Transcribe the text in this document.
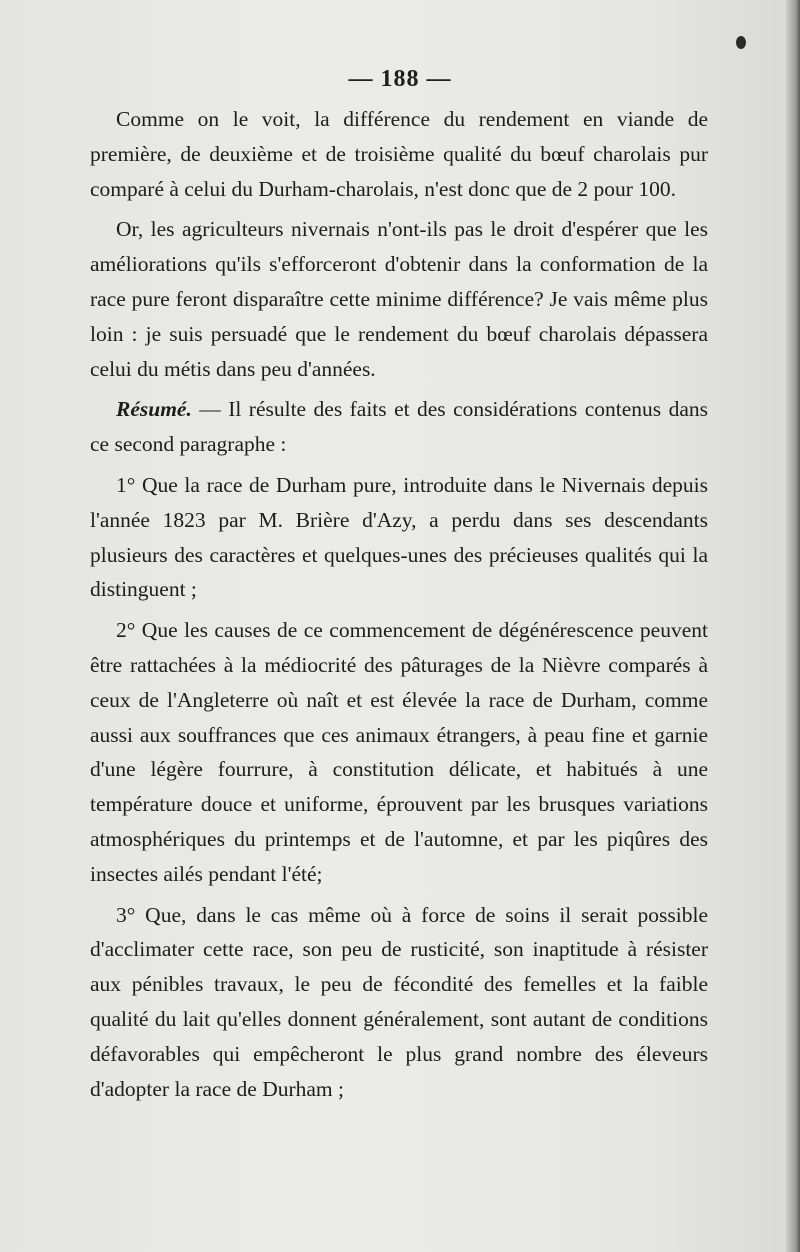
— 188 —

Comme on le voit, la différence du rendement en viande de première, de deuxième et de troisième qualité du bœuf charolais pur comparé à celui du Durham-charolais, n'est donc que de 2 pour 100.

Or, les agriculteurs nivernais n'ont-ils pas le droit d'espérer que les améliorations qu'ils s'efforceront d'obtenir dans la conformation de la race pure feront disparaître cette minime différence? Je vais même plus loin : je suis persuadé que le rendement du bœuf charolais dépassera celui du métis dans peu d'années.

Résumé. — Il résulte des faits et des considérations contenus dans ce second paragraphe :

1° Que la race de Durham pure, introduite dans le Nivernais depuis l'année 1823 par M. Brière d'Azy, a perdu dans ses descendants plusieurs des caractères et quelques-unes des précieuses qualités qui la distinguent ;

2° Que les causes de ce commencement de dégénérescence peuvent être rattachées à la médiocrité des pâturages de la Nièvre comparés à ceux de l'Angleterre où naît et est élevée la race de Durham, comme aussi aux souffrances que ces animaux étrangers, à peau fine et garnie d'une légère fourrure, à constitution délicate, et habitués à une température douce et uniforme, éprouvent par les brusques variations atmosphériques du printemps et de l'automne, et par les piqûres des insectes ailés pendant l'été;

3° Que, dans le cas même où à force de soins il serait possible d'acclimater cette race, son peu de rusticité, son inaptitude à résister aux pénibles travaux, le peu de fécondité des femelles et la faible qualité du lait qu'elles donnent généralement, sont autant de conditions défavorables qui empêcheront le plus grand nombre des éleveurs d'adopter la race de Durham ;
